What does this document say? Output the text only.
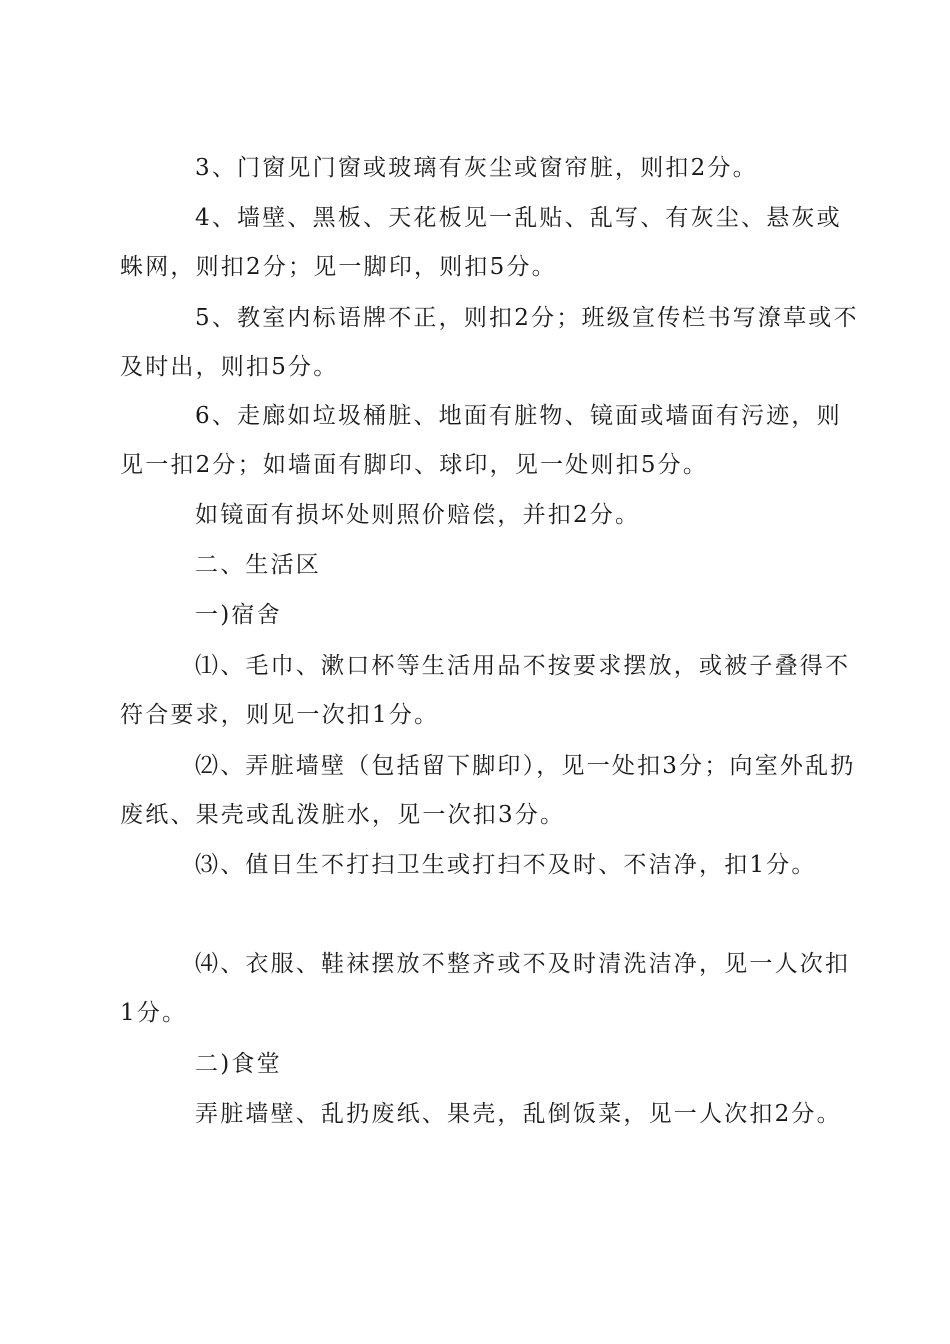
3、门窗见门窗或玻璃有灰尘或窗帘脏，则扣2分。

4、墙壁、黑板、天花板见一乱贴、乱写、有灰尘、悬灰或蛛网，则扣2分；见一脚印，则扣5分。

5、教室内标语牌不正，则扣2分；班级宣传栏书写潦草或不及时出，则扣5分。

6、走廊如垃圾桶脏、地面有脏物、镜面或墙面有污迹，则见一扣2分；如墙面有脚印、球印，见一处则扣5分。

如镜面有损坏处则照价赔偿，并扣2分。

二、生活区

一)宿舍

⑴、毛巾、漱口杯等生活用品不按要求摆放，或被子叠得不符合要求，则见一次扣1分。

⑵、弄脏墙壁（包括留下脚印），见一处扣3分；向室外乱扔废纸、果壳或乱泼脏水，见一次扣3分。

⑶、值日生不打扫卫生或打扫不及时、不洁净，扣1分。

⑷、衣服、鞋袜摆放不整齐或不及时清洗洁净，见一人次扣1分。

二)食堂

弄脏墙壁、乱扔废纸、果壳，乱倒饭菜，见一人次扣2分。
